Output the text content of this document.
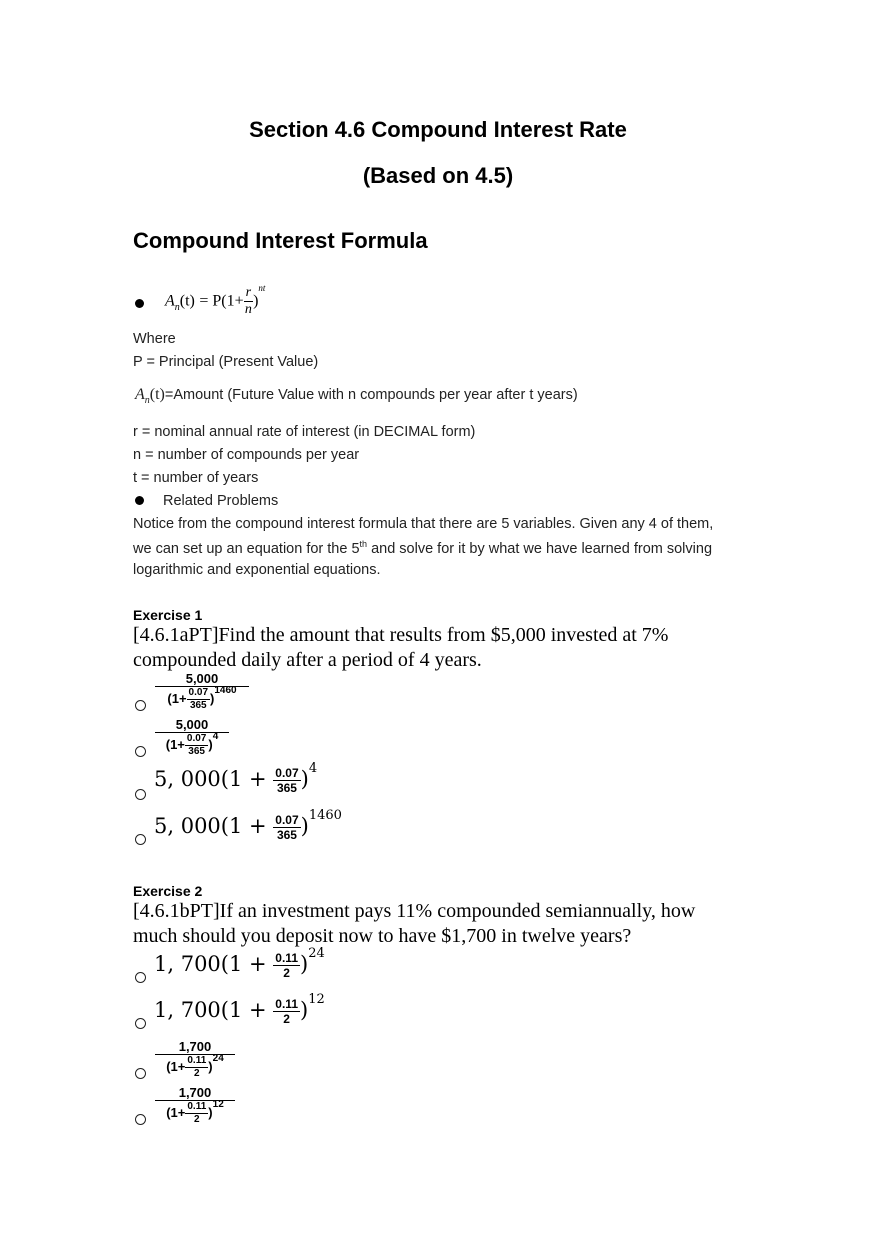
Section 4.6 Compound Interest Rate
(Based on 4.5)
Compound Interest Formula
$A_n(t) = P(1+ \frac{r}{n} )^{nt}$
Where
P = Principal (Present Value)
$A_n(t)=Amount$ (Future Value with n compounds per year after t years)
r = nominal annual rate of interest (in DECIMAL form)
n = number of compounds per year
t = number of years
Related Problems
Notice from the compound interest formula that there are 5 variables. Given any 4 of them,
we can set up an equation for the 5th and solve for it by what we have learned from solving
logarithmic and exponential equations.
Exercise 1
[4.6.1aPT]Find the amount that results from $5,000 invested at 7%
compounded daily after a period of 4 years.
$\frac{5,000}{(1+ \frac{0.07}{365} )^{1460}}$
$\frac{5,000}{(1+ \frac{0.07}{365} )^4}$
5, $000(1 + \frac{0.07}{365} )^4$
5, $000(1 + \frac{0.07}{365} )^{1460}$
Exercise 2
[4.6.1bPT]If an investment pays 11% compounded semiannually, how
much should you deposit now to have $1,700 in twelve years?
1, $700(1 + \frac{0.11}{2} )^{24}$
1, $700(1 + \frac{0.11}{2} )^{12}$
$\frac{1,700}{(1+ \frac{0.11}{2} )^{24}}$
$\frac{1,700}{(1+ \frac{0.11}{2} )^{12}}$
